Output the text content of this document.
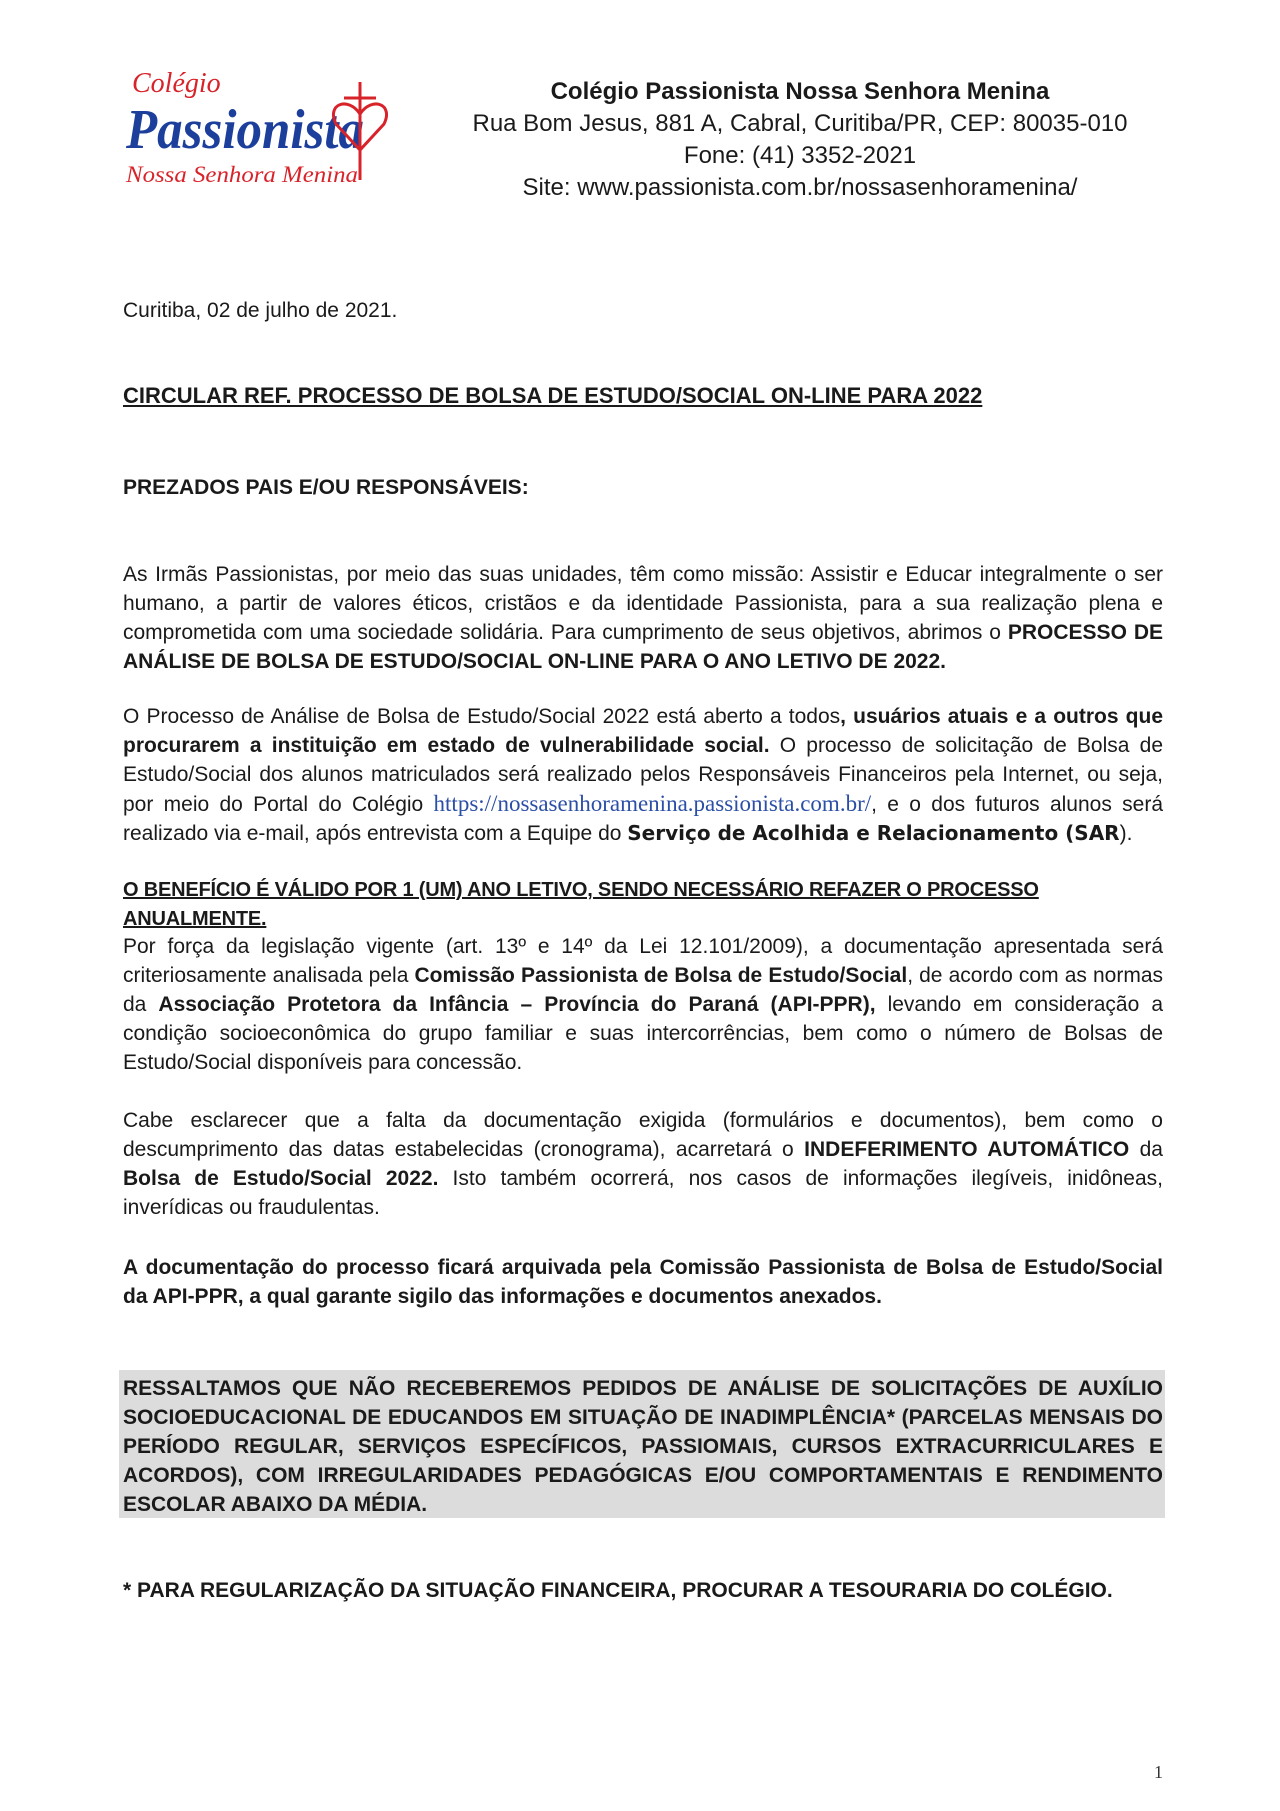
Colégio
Passionista
Nossa Senhora Menina
Colégio Passionista Nossa Senhora Menina
Rua Bom Jesus, 881 A, Cabral, Curitiba/PR, CEP: 80035-010
Fone: (41) 3352-2021
Site: www.passionista.com.br/nossasenhoramenina/
Curitiba, 02 de julho de 2021.
CIRCULAR REF. PROCESSO DE BOLSA DE ESTUDO/SOCIAL ON-LINE PARA 2022
PREZADOS PAIS E/OU RESPONSÁVEIS:
As Irmãs Passionistas, por meio das suas unidades, têm como missão: Assistir e Educar integralmente o ser humano, a partir de valores éticos, cristãos e da identidade Passionista, para a sua realização plena e comprometida com uma sociedade solidária. Para cumprimento de seus objetivos, abrimos o PROCESSO DE ANÁLISE DE BOLSA DE ESTUDO/SOCIAL ON-LINE PARA O ANO LETIVO DE 2022.
O Processo de Análise de Bolsa de Estudo/Social 2022 está aberto a todos, usuários atuais e a outros que procurarem a instituição em estado de vulnerabilidade social. O processo de solicitação de Bolsa de Estudo/Social dos alunos matriculados será realizado pelos Responsáveis Financeiros pela Internet, ou seja, por meio do Portal do Colégio https://nossasenhoramenina.passionista.com.br/, e o dos futuros alunos será realizado via e-mail, após entrevista com a Equipe do Serviço de Acolhida e Relacionamento (SAR).
O BENEFÍCIO É VÁLIDO POR 1 (UM) ANO LETIVO, SENDO NECESSÁRIO REFAZER O PROCESSO ANUALMENTE.
Por força da legislação vigente (art. 13º e 14º da Lei 12.101/2009), a documentação apresentada será criteriosamente analisada pela Comissão Passionista de Bolsa de Estudo/Social, de acordo com as normas da Associação Protetora da Infância – Província do Paraná (API-PPR), levando em consideração a condição socioeconômica do grupo familiar e suas intercorrências, bem como o número de Bolsas de Estudo/Social disponíveis para concessão.
Cabe esclarecer que a falta da documentação exigida (formulários e documentos), bem como o descumprimento das datas estabelecidas (cronograma), acarretará o INDEFERIMENTO AUTOMÁTICO da Bolsa de Estudo/Social 2022. Isto também ocorrerá, nos casos de informações ilegíveis, inidôneas, inverídicas ou fraudulentas.
A documentação do processo ficará arquivada pela Comissão Passionista de Bolsa de Estudo/Social da API-PPR, a qual garante sigilo das informações e documentos anexados.
RESSALTAMOS QUE NÃO RECEBEREMOS PEDIDOS DE ANÁLISE DE SOLICITAÇÕES DE AUXÍLIO SOCIOEDUCACIONAL DE EDUCANDOS EM SITUAÇÃO DE INADIMPLÊNCIA* (PARCELAS MENSAIS DO PERÍODO REGULAR, SERVIÇOS ESPECÍFICOS, PASSIOMAIS, CURSOS EXTRACURRICULARES E ACORDOS), COM IRREGULARIDADES PEDAGÓGICAS E/OU COMPORTAMENTAIS E RENDIMENTO ESCOLAR ABAIXO DA MÉDIA.
* PARA REGULARIZAÇÃO DA SITUAÇÃO FINANCEIRA, PROCURAR A TESOURARIA DO COLÉGIO.
1
